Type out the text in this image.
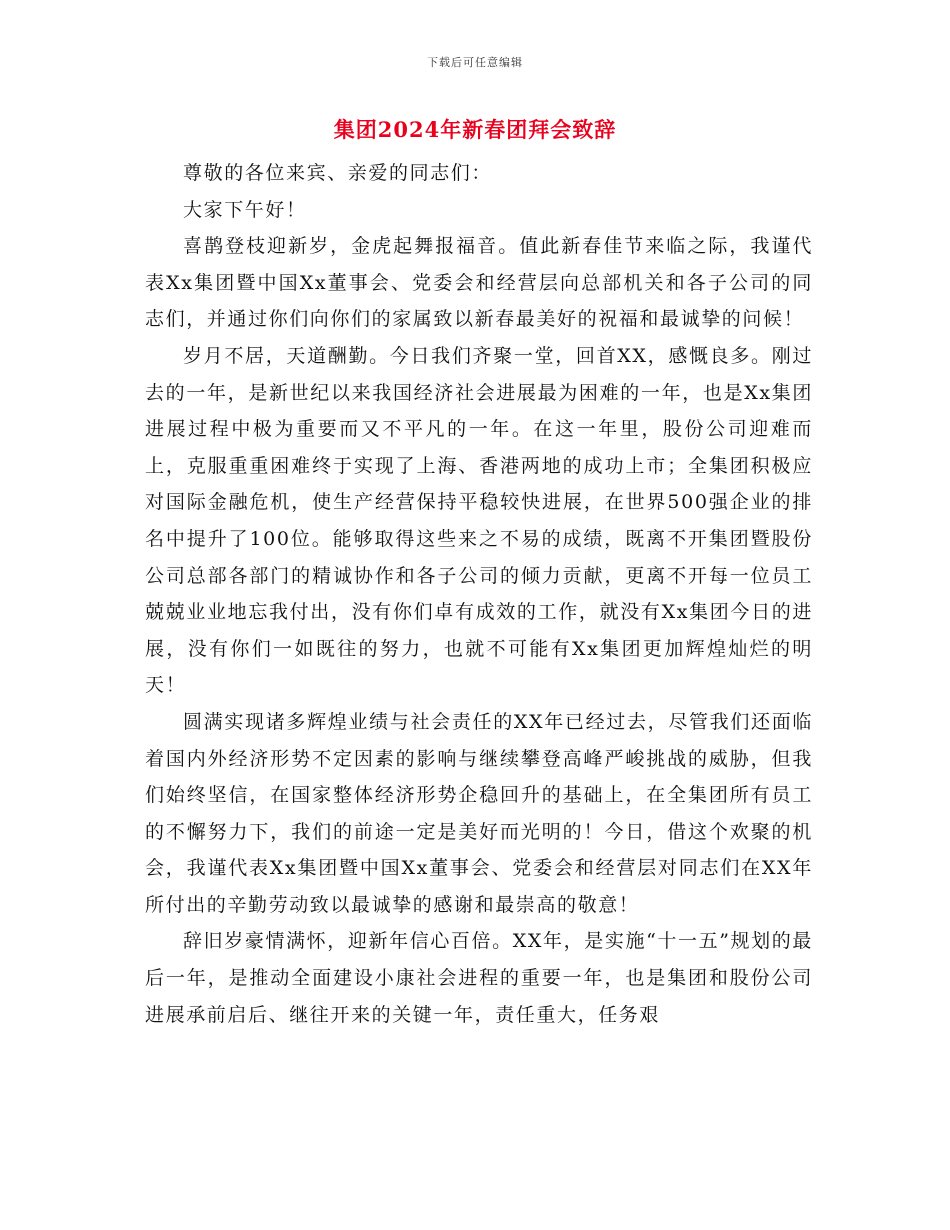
下载后可任意编辑
集团2024年新春团拜会致辞

尊敬的各位来宾、亲爱的同志们：

大家下午好！

喜鹊登枝迎新岁，金虎起舞报福音。值此新春佳节来临之际，我谨代表Xx集团暨中国Xx董事会、党委会和经营层向总部机关和各子公司的同志们，并通过你们向你们的家属致以新春最美好的祝福和最诚挚的问候！

岁月不居，天道酬勤。今日我们齐聚一堂，回首XX，感慨良多。刚过去的一年，是新世纪以来我国经济社会进展最为困难的一年，也是Xx集团进展过程中极为重要而又不平凡的一年。在这一年里，股份公司迎难而上，克服重重困难终于实现了上海、香港两地的成功上市；全集团积极应对国际金融危机，使生产经营保持平稳较快进展，在世界500强企业的排名中提升了100位。能够取得这些来之不易的成绩，既离不开集团暨股份公司总部各部门的精诚协作和各子公司的倾力贡献，更离不开每一位员工兢兢业业地忘我付出，没有你们卓有成效的工作，就没有Xx集团今日的进展，没有你们一如既往的努力，也就不可能有Xx集团更加辉煌灿烂的明天！

圆满实现诸多辉煌业绩与社会责任的XX年已经过去，尽管我们还面临着国内外经济形势不定因素的影响与继续攀登高峰严峻挑战的威胁，但我们始终坚信，在国家整体经济形势企稳回升的基础上，在全集团所有员工的不懈努力下，我们的前途一定是美好而光明的！今日，借这个欢聚的机会，我谨代表Xx集团暨中国Xx董事会、党委会和经营层对同志们在XX年所付出的辛勤劳动致以最诚挚的感谢和最崇高的敬意！

辞旧岁豪情满怀，迎新年信心百倍。XX年，是实施“十一五”规划的最后一年，是推动全面建设小康社会进程的重要一年，也是集团和股份公司进展承前启后、继往开来的关键一年，责任重大，任务艰
